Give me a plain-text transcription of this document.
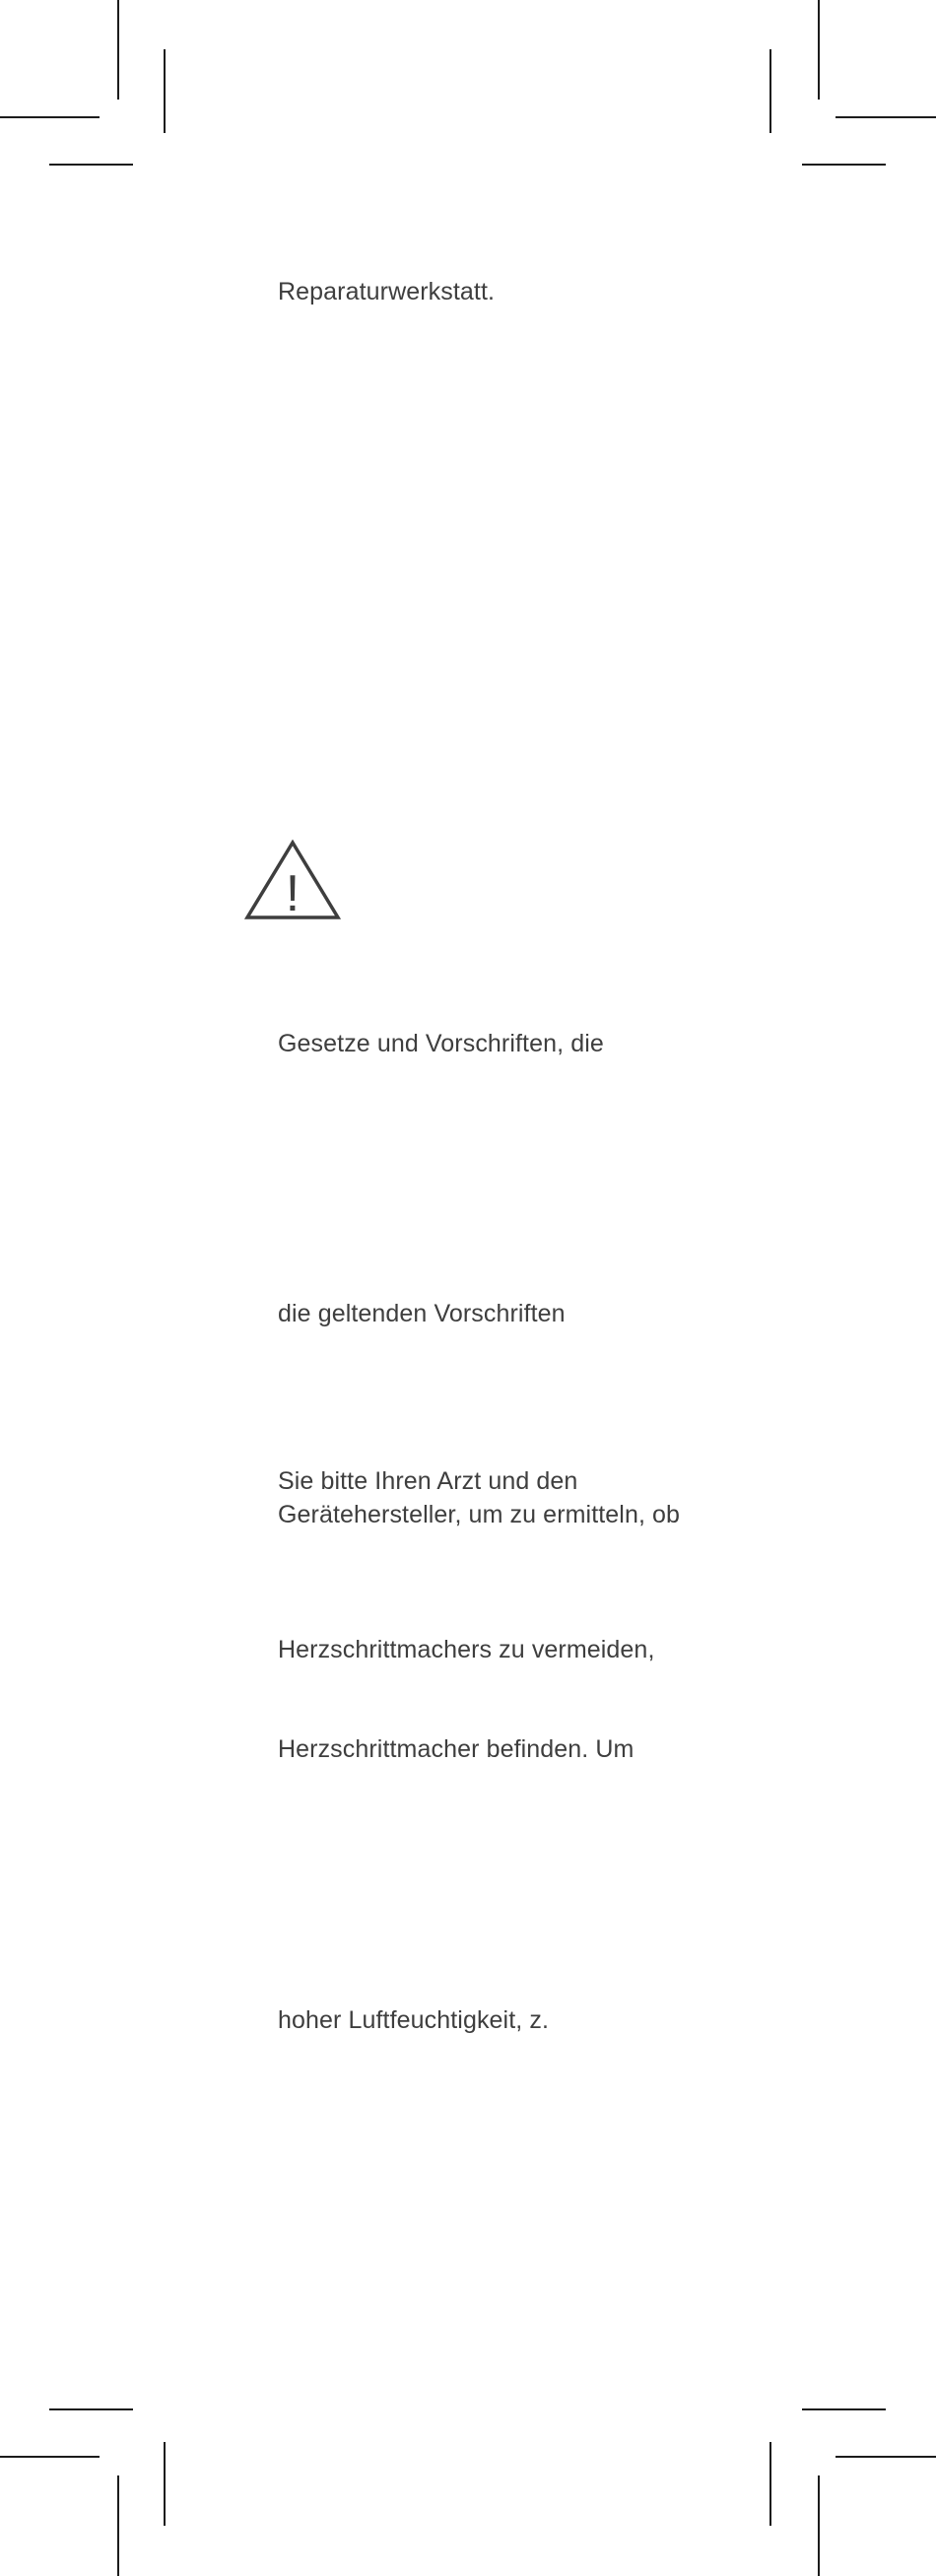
Reparaturwerkstatt.
!
Gesetze und Vorschriften, die
die geltenden Vorschriften
Sie bitte Ihren Arzt und den
Gerätehersteller, um zu ermitteln, ob
Herzschrittmachers zu vermeiden,
Herzschrittmacher befinden. Um
hoher Luftfeuchtigkeit, z.
